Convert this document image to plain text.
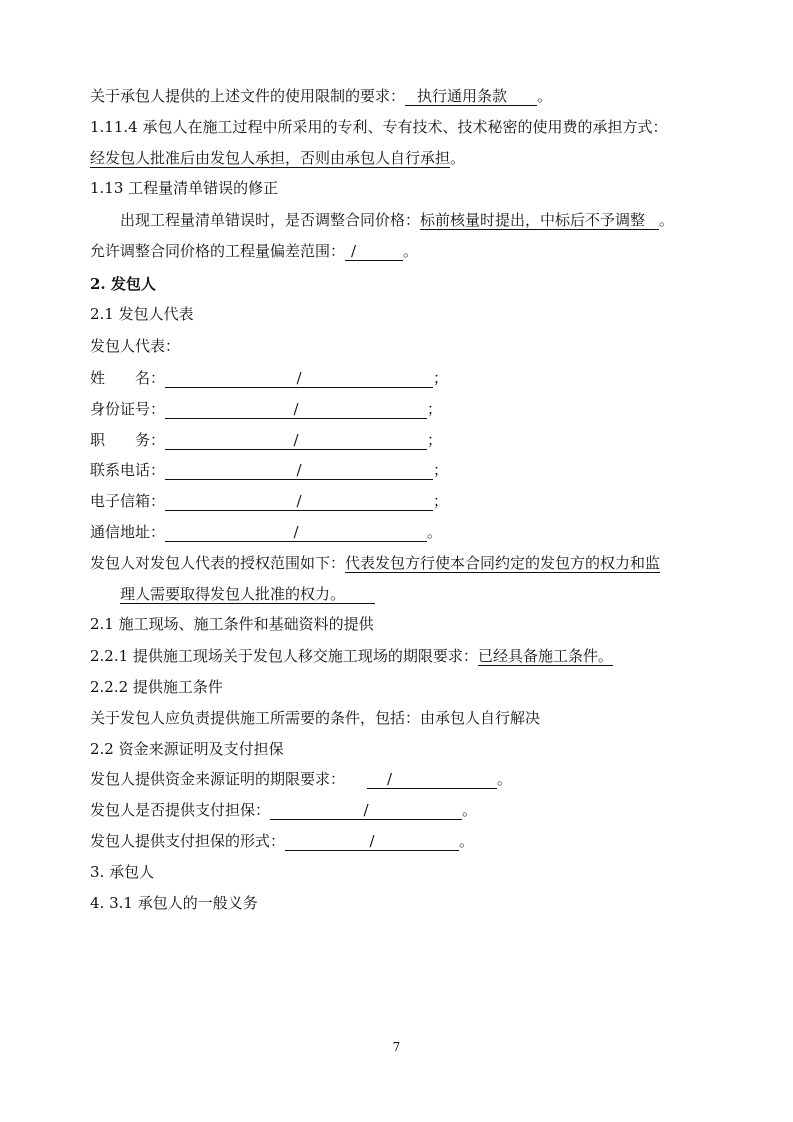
关于承包人提供的上述文件的使用限制的要求： 执行通用条款 。
1.11.4 承包人在施工过程中所采用的专利、专有技术、技术秘密的使用费的承担方式：
经发包人批准后由发包人承担，否则由承包人自行承担。
1.13 工程量清单错误的修正
出现工程量清单错误时，是否调整合同价格：标前核量时提出，中标后不予调整 。
允许调整合同价格的工程量偏差范围： /	。
2. 发包人
2.1 发包人代表
发包人代表：
姓　　名：	/	；
身份证号：	/	；
职　　务：	/	；
联系电话：	/	；
电子信箱：	/	；
通信地址：	/	。
发包人对发包人代表的授权范围如下：代表发包方行使本合同约定的发包方的权力和监
理人需要取得发包人批准的权力。
2.1 施工现场、施工条件和基础资料的提供
2.2.1 提供施工现场关于发包人移交施工现场的期限要求：已经具备施工条件。
2.2.2 提供施工条件
关于发包人应负责提供施工所需要的条件，包括：由承包人自行解决
2.2 资金来源证明及支付担保
发包人提供资金来源证明的期限要求：	/	。
发包人是否提供支付担保：	/	。
发包人提供支付担保的形式：	/	。
3. 承包人
4. 3.1 承包人的一般义务
7
